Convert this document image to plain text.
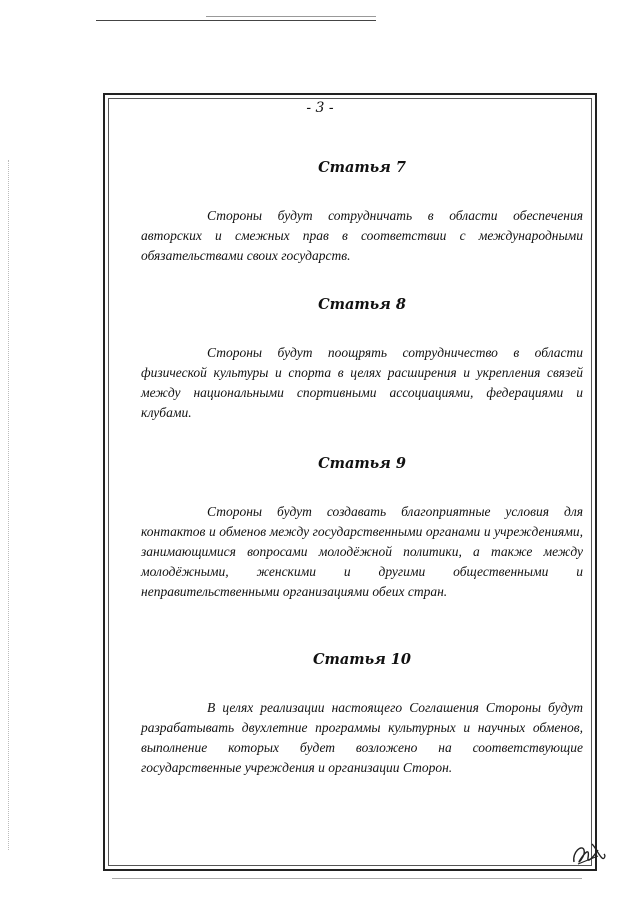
- 3 -

Статья 7

Стороны будут сотрудничать в области обеспечения авторских и смежных прав в соответствии с международными обязательствами своих государств.

Статья 8

Стороны будут поощрять сотрудничество в области физической культуры и спорта в целях расширения и укрепления связей между национальными спортивными ассоциациями, федерациями и клубами.

Статья 9

Стороны будут создавать благоприятные условия для контактов и обменов между государственными органами и учреждениями, занимающимися вопросами молодёжной политики, а также между молодёжными, женскими и другими общественными и неправительственными организациями обеих стран.

Статья 10

В целях реализации настоящего Соглашения Стороны будут разрабатывать двухлетние программы культурных и научных обменов, выполнение которых будет возложено на соответствующие государственные учреждения и организации Сторон.
